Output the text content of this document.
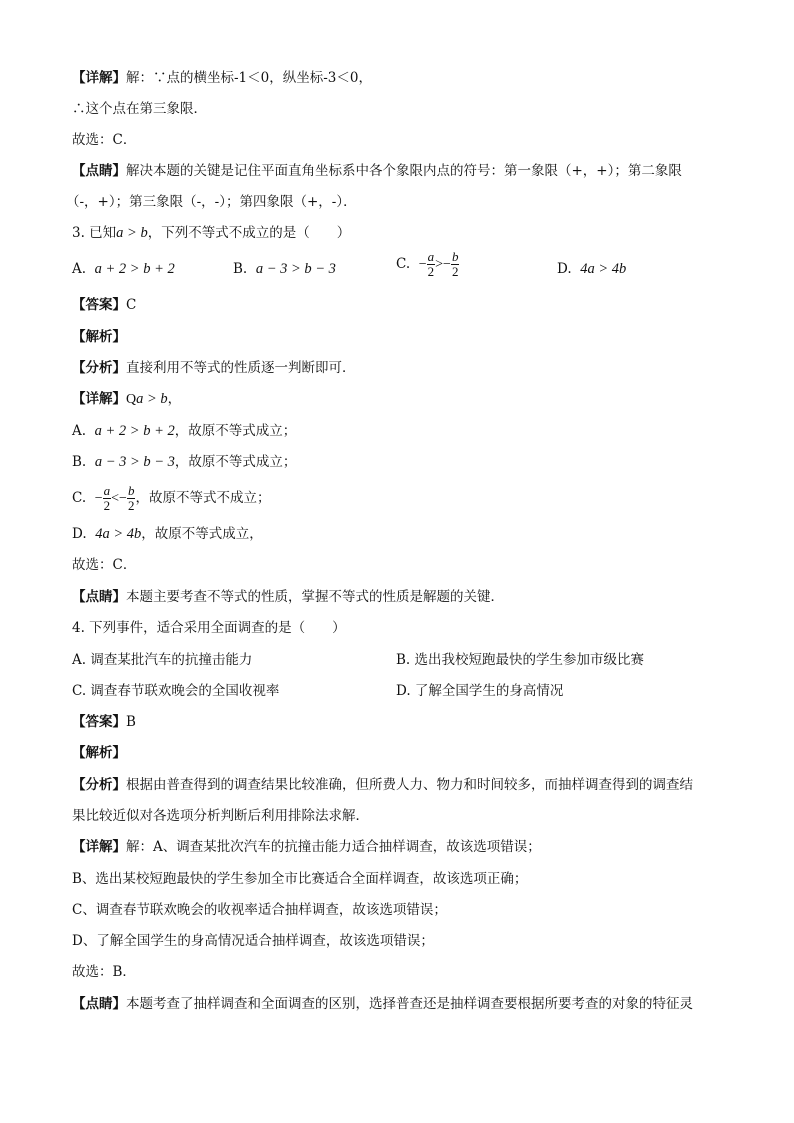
【详解】解：∵点的横坐标-1＜0，纵坐标-3＜0，
∴这个点在第三象限．
故选：C．
【点睛】解决本题的关键是记住平面直角坐标系中各个象限内点的符号：第一象限（+，+）；第二象限
（-，+）；第三象限（-，-）；第四象限（+，-）．
3. 已知a > b，下列不等式不成立的是（　　）
A. a + 2 > b + 2	B. a − 3 > b − 3	C. − $\frac{a}{2} >- \frac{b}{2}$	D. 4a > 4b
【答案】C
【解析】
【分析】直接利用不等式的性质逐一判断即可．
【详解】Qa > b，
A. a + 2 > b + 2，故原不等式成立；
B. a − 3 > b − 3，故原不等式成立；
C. − $\frac{a}{2} <- \frac{b}{2}$ ，故原不等式不成立；
D. 4a > 4b，故原不等式成立，
故选：C．
【点睛】本题主要考查不等式的性质，掌握不等式的性质是解题的关键．
4. 下列事件，适合采用全面调查的是（　　）
A. 调查某批汽车的抗撞击能力	B. 选出我校短跑最快的学生参加市级比赛
C. 调查春节联欢晚会的全国收视率	D. 了解全国学生的身高情况
【答案】B
【解析】
【分析】根据由普查得到的调查结果比较准确，但所费人力、物力和时间较多，而抽样调查得到的调查结
果比较近似对各选项分析判断后利用排除法求解．
【详解】解：A、调查某批次汽车的抗撞击能力适合抽样调查，故该选项错误；
B、选出某校短跑最快的学生参加全市比赛适合全面样调查，故该选项正确；
C、调查春节联欢晚会的收视率适合抽样调查，故该选项错误；
D、了解全国学生的身高情况适合抽样调查，故该选项错误；
故选：B．
【点睛】本题考查了抽样调查和全面调查的区别，选择普查还是抽样调查要根据所要考查的对象的特征灵
